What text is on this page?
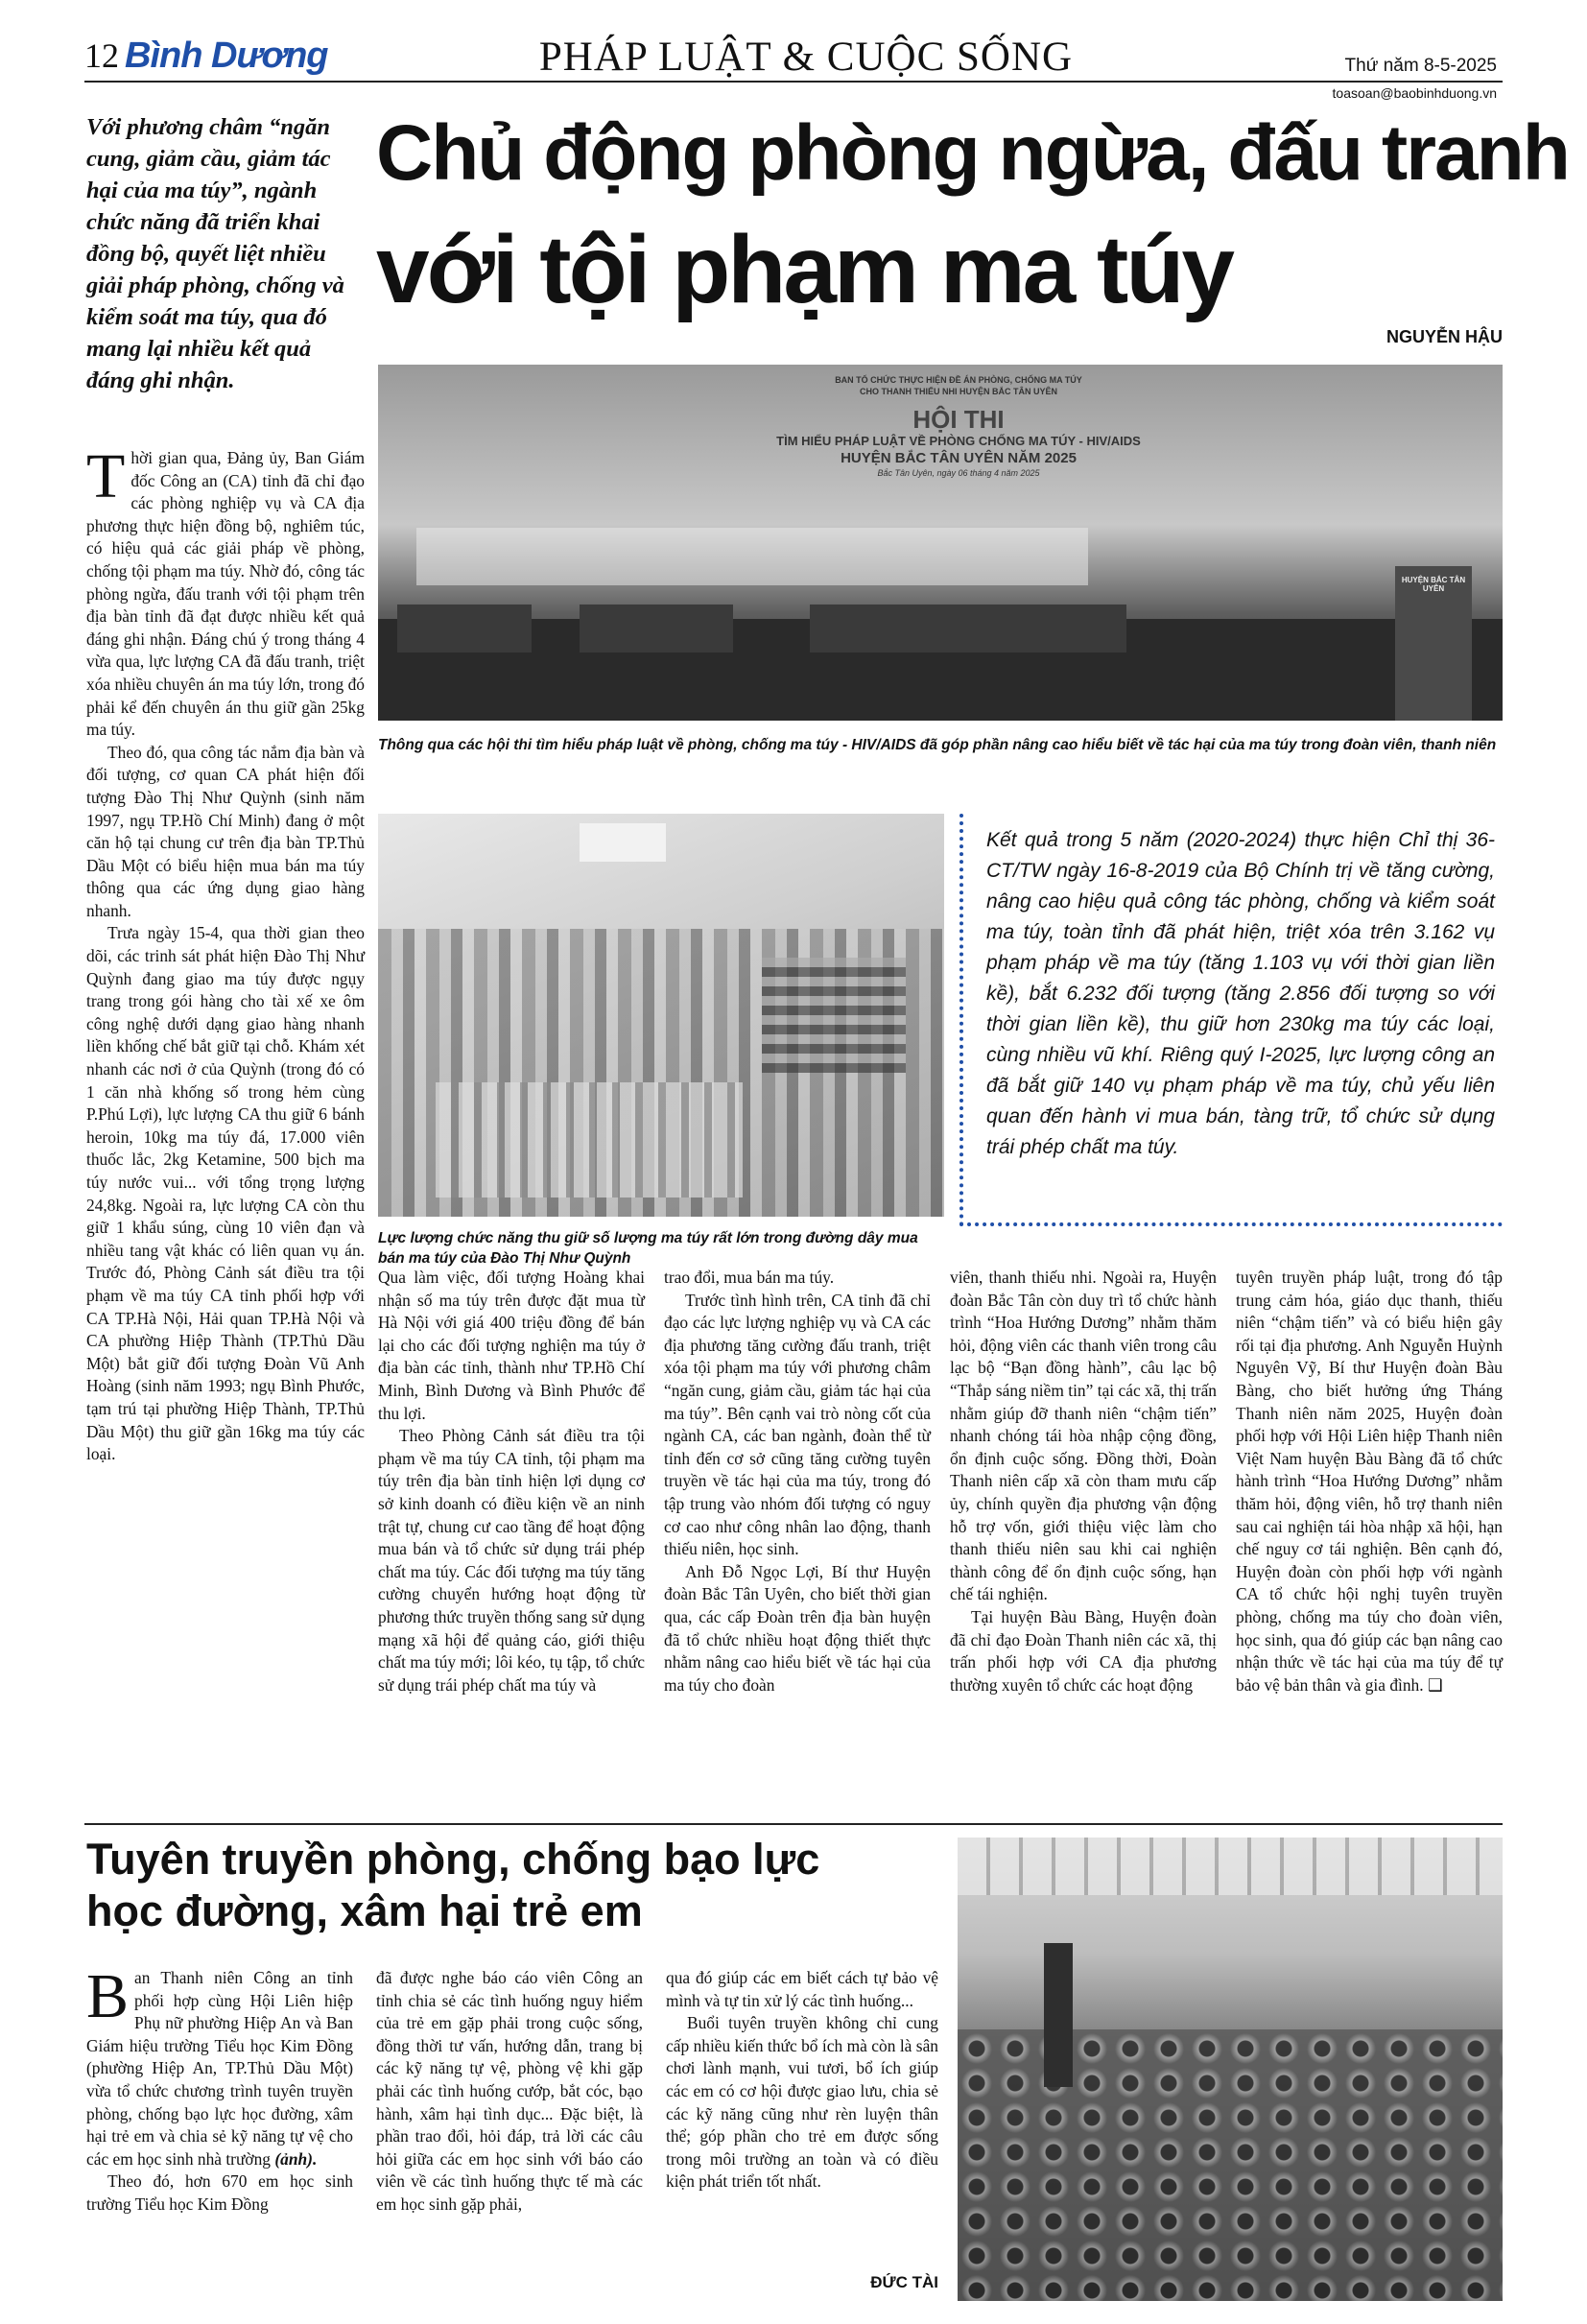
12 Bình Dương	PHÁP LUẬT & CUỘC SỐNG	Thứ năm 8-5-2025
toasoan@baobinhduong.vn
Với phương châm “ngăn cung, giảm cầu, giảm tác hại của ma túy”, ngành chức năng đã triển khai đồng bộ, quyết liệt nhiều giải pháp phòng, chống và kiểm soát ma túy, qua đó mang lại nhiều kết quả đáng ghi nhận.
Chủ động phòng ngừa, đấu tranh
với tội phạm ma túy
NGUYỄN HẬU
BAN TỔ CHỨC THỰC HIỆN ĐỀ ÁN PHÒNG, CHỐNG MA TÚY
CHO THANH THIẾU NHI HUYỆN BẮC TÂN UYÊN
HỘI THI
TÌM HIỂU PHÁP LUẬT VỀ PHÒNG CHỐNG MA TÚY - HIV/AIDS
HUYỆN BẮC TÂN UYÊN NĂM 2025
Bắc Tân Uyên, ngày 06 tháng 4 năm 2025
HUYỆN BẮC TÂN UYÊN
Thông qua các hội thi tìm hiểu pháp luật về phòng, chống ma túy - HIV/AIDS đã góp phần nâng cao hiểu biết về tác hại của ma túy trong đoàn viên, thanh niên
Lực lượng chức năng thu giữ số lượng ma túy rất lớn trong đường dây mua bán ma túy của Đào Thị Như Quỳnh
Kết quả trong 5 năm (2020-2024) thực hiện Chỉ thị 36-CT/TW ngày 16-8-2019 của Bộ Chính trị về tăng cường, nâng cao hiệu quả công tác phòng, chống và kiểm soát ma túy, toàn tỉnh đã phát hiện, triệt xóa trên 3.162 vụ phạm pháp về ma túy (tăng 1.103 vụ với thời gian liền kề), bắt 6.232 đối tượng (tăng 2.856 đối tượng so với thời gian liền kề), thu giữ hơn 230kg ma túy các loại, cùng nhiều vũ khí. Riêng quý I-2025, lực lượng công an đã bắt giữ 140 vụ phạm pháp về ma túy, chủ yếu liên quan đến hành vi mua bán, tàng trữ, tổ chức sử dụng trái phép chất ma túy.

Thời gian qua, Đảng ủy, Ban Giám đốc Công an (CA) tỉnh đã chỉ đạo các phòng nghiệp vụ và CA địa phương thực hiện đồng bộ, nghiêm túc, có hiệu quả các giải pháp về phòng, chống tội phạm ma túy. Nhờ đó, công tác phòng ngừa, đấu tranh với tội phạm trên địa bàn tỉnh đã đạt được nhiều kết quả đáng ghi nhận. Đáng chú ý trong tháng 4 vừa qua, lực lượng CA đã đấu tranh, triệt xóa nhiều chuyên án ma túy lớn, trong đó phải kể đến chuyên án thu giữ gần 25kg ma túy.

Theo đó, qua công tác nắm địa bàn và đối tượng, cơ quan CA phát hiện đối tượng Đào Thị Như Quỳnh (sinh năm 1997, ngụ TP.Hồ Chí Minh) đang ở một căn hộ tại chung cư trên địa bàn TP.Thủ Dầu Một có biểu hiện mua bán ma túy thông qua các ứng dụng giao hàng nhanh.

Trưa ngày 15-4, qua thời gian theo dõi, các trinh sát phát hiện Đào Thị Như Quỳnh đang giao ma túy được ngụy trang trong gói hàng cho tài xế xe ôm công nghệ dưới dạng giao hàng nhanh liền khống chế bắt giữ tại chỗ. Khám xét nhanh các nơi ở của Quỳnh (trong đó có 1 căn nhà khống số trong hẻm cùng P.Phú Lợi), lực lượng CA thu giữ 6 bánh heroin, 10kg ma túy đá, 17.000 viên thuốc lắc, 2kg Ketamine, 500 bịch ma túy nước vui... với tổng trọng lượng 24,8kg. Ngoài ra, lực lượng CA còn thu giữ 1 khẩu súng, cùng 10 viên đạn và nhiều tang vật khác có liên quan vụ án. Trước đó, Phòng Cảnh sát điều tra tội phạm về ma túy CA tỉnh phối hợp với CA TP.Hà Nội, Hải quan TP.Hà Nội và CA phường Hiệp Thành (TP.Thủ Dầu Một) bắt giữ đối tượng Đoàn Vũ Anh Hoàng (sinh năm 1993; ngụ Bình Phước, tạm trú tại phường Hiệp Thành, TP.Thủ Dầu Một) thu giữ gần 16kg ma túy các loại.

Qua làm việc, đối tượng Hoàng khai nhận số ma túy trên được đặt mua từ Hà Nội với giá 400 triệu đồng để bán lại cho các đối tượng nghiện ma túy ở địa bàn các tỉnh, thành như TP.Hồ Chí Minh, Bình Dương và Bình Phước để thu lợi.

Theo Phòng Cảnh sát điều tra tội phạm về ma túy CA tỉnh, tội phạm ma túy trên địa bàn tỉnh hiện lợi dụng cơ sở kinh doanh có điều kiện về an ninh trật tự, chung cư cao tầng để hoạt động mua bán và tổ chức sử dụng trái phép chất ma túy. Các đối tượng ma túy tăng cường chuyển hướng hoạt động từ phương thức truyền thống sang sử dụng mạng xã hội để quảng cáo, giới thiệu chất ma túy mới; lôi kéo, tụ tập, tổ chức sử dụng trái phép chất ma túy và

trao đổi, mua bán ma túy.

Trước tình hình trên, CA tỉnh đã chỉ đạo các lực lượng nghiệp vụ và CA các địa phương tăng cường đấu tranh, triệt xóa tội phạm ma túy với phương châm “ngăn cung, giảm cầu, giảm tác hại của ma túy”. Bên cạnh vai trò nòng cốt của ngành CA, các ban ngành, đoàn thể từ tỉnh đến cơ sở cũng tăng cường tuyên truyền về tác hại của ma túy, trong đó tập trung vào nhóm đối tượng có nguy cơ cao như công nhân lao động, thanh thiếu niên, học sinh.

Anh Đỗ Ngọc Lợi, Bí thư Huyện đoàn Bắc Tân Uyên, cho biết thời gian qua, các cấp Đoàn trên địa bàn huyện đã tổ chức nhiều hoạt động thiết thực nhằm nâng cao hiểu biết về tác hại của ma túy cho đoàn

viên, thanh thiếu nhi. Ngoài ra, Huyện đoàn Bắc Tân còn duy trì tổ chức hành trình “Hoa Hướng Dương” nhằm thăm hỏi, động viên các thanh viên trong câu lạc bộ “Bạn đồng hành”, câu lạc bộ “Thắp sáng niềm tin” tại các xã, thị trấn nhằm giúp đỡ thanh niên “chậm tiến” nhanh chóng tái hòa nhập cộng đồng, ổn định cuộc sống. Đồng thời, Đoàn Thanh niên cấp xã còn tham mưu cấp ủy, chính quyền địa phương vận động hỗ trợ vốn, giới thiệu việc làm cho thanh thiếu niên sau khi cai nghiện thành công để ổn định cuộc sống, hạn chế tái nghiện.

Tại huyện Bàu Bàng, Huyện đoàn đã chỉ đạo Đoàn Thanh niên các xã, thị trấn phối hợp với CA địa phương thường xuyên tổ chức các hoạt động

tuyên truyền pháp luật, trong đó tập trung cảm hóa, giáo dục thanh, thiếu niên “chậm tiến” và có biểu hiện gây rối tại địa phương. Anh Nguyễn Huỳnh Nguyên Vỹ, Bí thư Huyện đoàn Bàu Bàng, cho biết hưởng ứng Tháng Thanh niên năm 2025, Huyện đoàn phối hợp với Hội Liên hiệp Thanh niên Việt Nam huyện Bàu Bàng đã tổ chức hành trình “Hoa Hướng Dương” nhằm thăm hỏi, động viên, hỗ trợ thanh niên sau cai nghiện tái hòa nhập xã hội, hạn chế nguy cơ tái nghiện. Bên cạnh đó, Huyện đoàn còn phối hợp với ngành CA tổ chức hội nghị tuyên truyền phòng, chống ma túy cho đoàn viên, học sinh, qua đó giúp các bạn nâng cao nhận thức về tác hại của ma túy để tự bảo vệ bản thân và gia đình. ❑

Tuyên truyền phòng, chống bạo lực
học đường, xâm hại trẻ em

Ban Thanh niên Công an tỉnh phối hợp cùng Hội Liên hiệp Phụ nữ phường Hiệp An và Ban Giám hiệu trường Tiểu học Kim Đồng (phường Hiệp An, TP.Thủ Dầu Một) vừa tổ chức chương trình tuyên truyền phòng, chống bạo lực học đường, xâm hại trẻ em và chia sẻ kỹ năng tự vệ cho các em học sinh nhà trường (ảnh).

Theo đó, hơn 670 em học sinh trường Tiểu học Kim Đồng

đã được nghe báo cáo viên Công an tỉnh chia sẻ các tình huống nguy hiểm của trẻ em gặp phải trong cuộc sống, đồng thời tư vấn, hướng dẫn, trang bị các kỹ năng tự vệ, phòng vệ khi gặp phải các tình huống cướp, bắt cóc, bạo hành, xâm hại tình dục... Đặc biệt, là phần trao đổi, hỏi đáp, trả lời các câu hỏi giữa các em học sinh với báo cáo viên về các tình huống thực tế mà các em học sinh gặp phải,

qua đó giúp các em biết cách tự bảo vệ mình và tự tin xử lý các tình huống...

Buổi tuyên truyền không chỉ cung cấp nhiều kiến thức bổ ích mà còn là sân chơi lành mạnh, vui tươi, bổ ích giúp các em có cơ hội được giao lưu, chia sẻ các kỹ năng cũng như rèn luyện thân thể; góp phần cho trẻ em được sống trong môi trường an toàn và có điều kiện phát triển tốt nhất.

ĐỨC TÀI
